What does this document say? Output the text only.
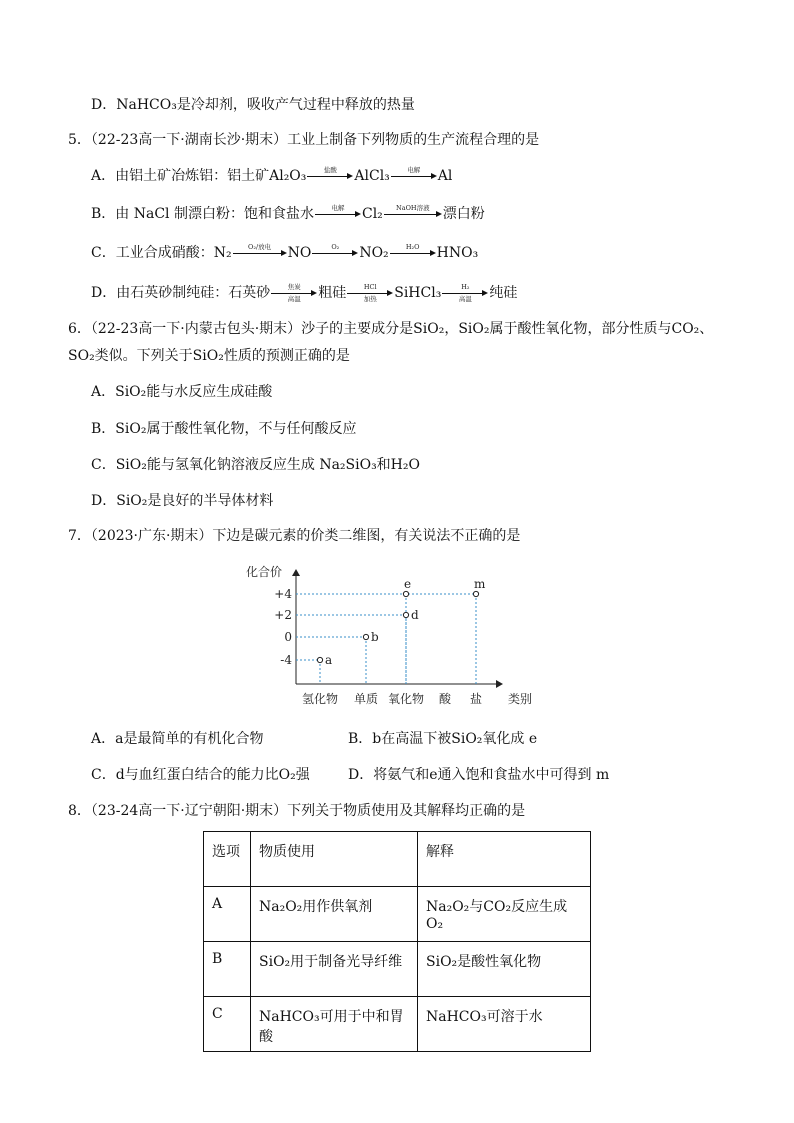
D．NaHCO₃是冷却剂，吸收产气过程中释放的热量
5．（22-23高一下·湖南长沙·期末）工业上制备下列物质的生产流程合理的是
A．由铝土矿冶炼铝：铝土矿Al₂O₃	盐酸	AlCl₃	电解	Al
B．由 NaCl 制漂白粉：饱和食盐水	电解	Cl₂	NaOH溶液 漂白粉
C．工业合成硝酸：N₂	O₂/放电	NO	O₂	NO₂	H₂O	HNO₃
D．由石英砂制纯硅：石英砂	焦炭
高温	粗硅	HCl
加热	SiHCl₃	H₂
高温	纯硅
6．（22-23高一下·内蒙古包头·期末）沙子的主要成分是SiO₂，SiO₂属于酸性氧化物，部分性质与CO₂、
SO₂类似。下列关于SiO₂性质的预测正确的是
A．SiO₂能与水反应生成硅酸
B．SiO₂属于酸性氧化物，不与任何酸反应
C．SiO₂能与氢氧化钠溶液反应生成 Na₂SiO₃和H₂O
D．SiO₂是良好的半导体材料
7．（2023·广东·期末）下边是碳元素的价类二维图，有关说法不正确的是
化合价
类别
+4
+2
0
-4
氢化物 单质 氧化物 酸 盐
a
b
d
e	m
A．a是最简单的有机化合物	B．b在高温下被SiO₂氧化成 e
C．d与血红蛋白结合的能力比O₂强	D．将氨气和e通入饱和食盐水中可得到 m
8．（23-24高一下·辽宁朝阳·期末）下列关于物质使用及其解释均正确的是
选项	物质使用	解释
A	Na₂O₂用作供氧剂	Na₂O₂与CO₂反应生成O₂
B	SiO₂用于制备光导纤维	SiO₂是酸性氧化物
C	NaHCO₃可用于中和胃酸	NaHCO₃可溶于水
